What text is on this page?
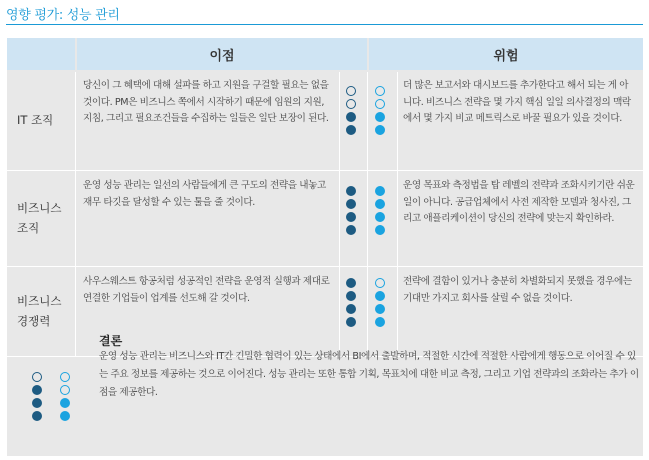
영향 평가: 성능 관리
이점	위험
IT 조직
당신이 그 혜택에 대해 설파를 하고 지원을 구걸할 필요는 없을 것이다. PM은 비즈니스 쪽에서 시작하기 때문에 임원의 지원, 지침, 그리고 필요조건들을 수집하는 일들은 일단 보장이 된다.
더 많은 보고서와 대시보드를 추가한다고 해서 되는 게 아니다. 비즈니스 전략을 몇 가지 핵심 일일 의사결정의 맥락에서 몇 가지 비교 메트릭스로 바꿀 필요가 있을 것이다.
비즈니스 조직
운영 성능 관리는 일선의 사람들에게 큰 구도의 전략을 내놓고 재무 타깃을 달성할 수 있는 툴을 줄 것이다.
운영 목표와 측정법을 탑 레벨의 전략과 조화시키기란 쉬운 일이 아니다. 공급업체에서 사전 제작한 모델과 청사진, 그리고 애플리케이션이 당신의 전략에 맞는지 확인하라.
비즈니스 경쟁력
사우스웨스트 항공처럼 성공적인 전략을 운영적 실행과 제대로 연결한 기업들이 업계를 선도해 갈 것이다.
전략에 결함이 있거나 충분히 차별화되지 못했을 경우에는 기대만 가지고 회사를 살릴 수 없을 것이다.
결론
운영 성능 관리는 비즈니스와 IT간 긴밀한 협력이 있는 상태에서 BI에서 출발하며, 적절한 시간에 적절한 사람에게 행동으로 이어질 수 있는 주요 정보를 제공하는 것으로 이어진다. 성능 관리는 또한 통합 기획, 목표치에 대한 비교 측정, 그리고 기업 전략과의 조화라는 추가 이점을 제공한다.
